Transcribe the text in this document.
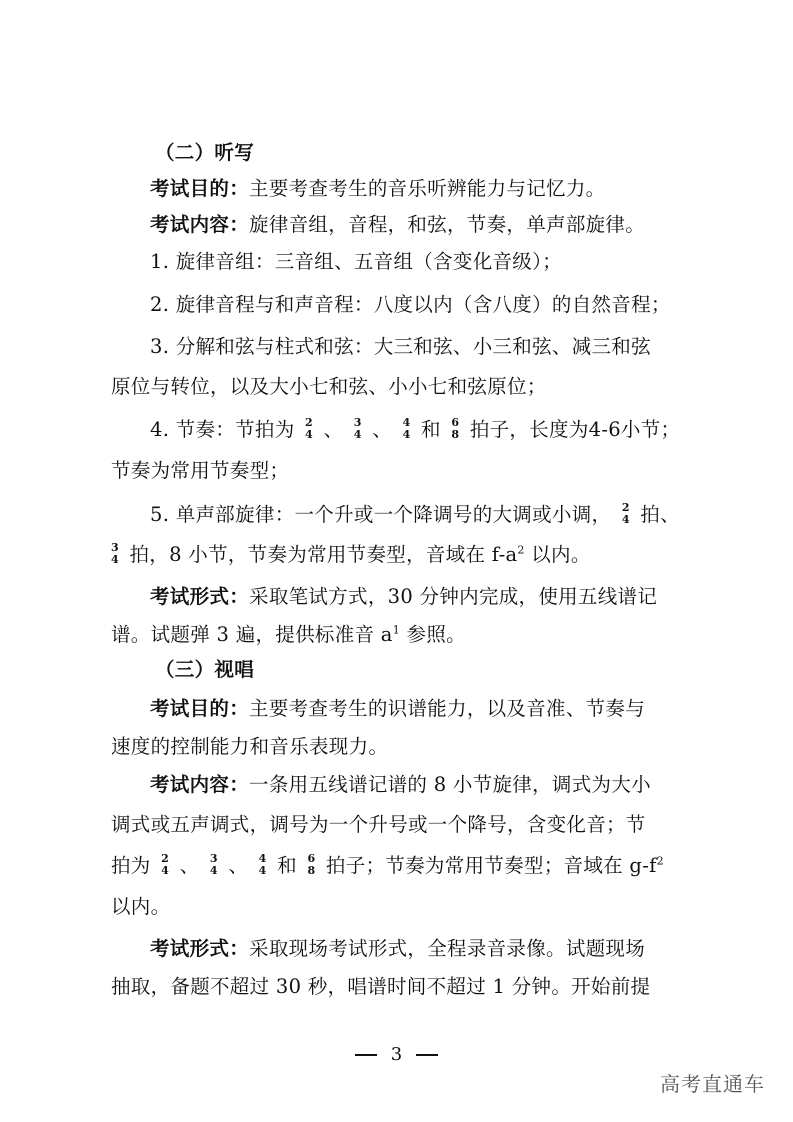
（二）听写
考试目的：主要考查考生的音乐听辨能力与记忆力。
考试内容：旋律音组，音程，和弦，节奏，单声部旋律。
1. 旋律音组：三音组、五音组（含变化音级）；
2. 旋律音程与和声音程：八度以内（含八度）的自然音程；
3. 分解和弦与柱式和弦：大三和弦、小三和弦、减三和弦
原位与转位，以及大小七和弦、小小七和弦原位；
4. 节奏：节拍为 2
4 、 3
4 、 4
4 和 6
8 拍子，长度为4-6小节；
节奏为常用节奏型；
5. 单声部旋律：一个升或一个降调号的大调或小调， 2
4 拍、
3
4 拍，8 小节，节奏为常用节奏型，音域在 $f-a^2$ 以内。
考试形式：采取笔试方式，30 分钟内完成，使用五线谱记
谱。试题弹 3 遍，提供标准音 $a^1$ 参照。
（三）视唱
考试目的：主要考查考生的识谱能力，以及音准、节奏与
速度的控制能力和音乐表现力。
考试内容：一条用五线谱记谱的 8 小节旋律，调式为大小
调式或五声调式，调号为一个升号或一个降号，含变化音；节
拍为 2
4 、 3
4 、 4
4 和 6
8 拍子；节奏为常用节奏型；音域在 $g-f^2$
以内。
考试形式：采取现场考试形式，全程录音录像。试题现场
抽取，备题不超过 30 秒，唱谱时间不超过 1 分钟。开始前提
3
高考直通车
